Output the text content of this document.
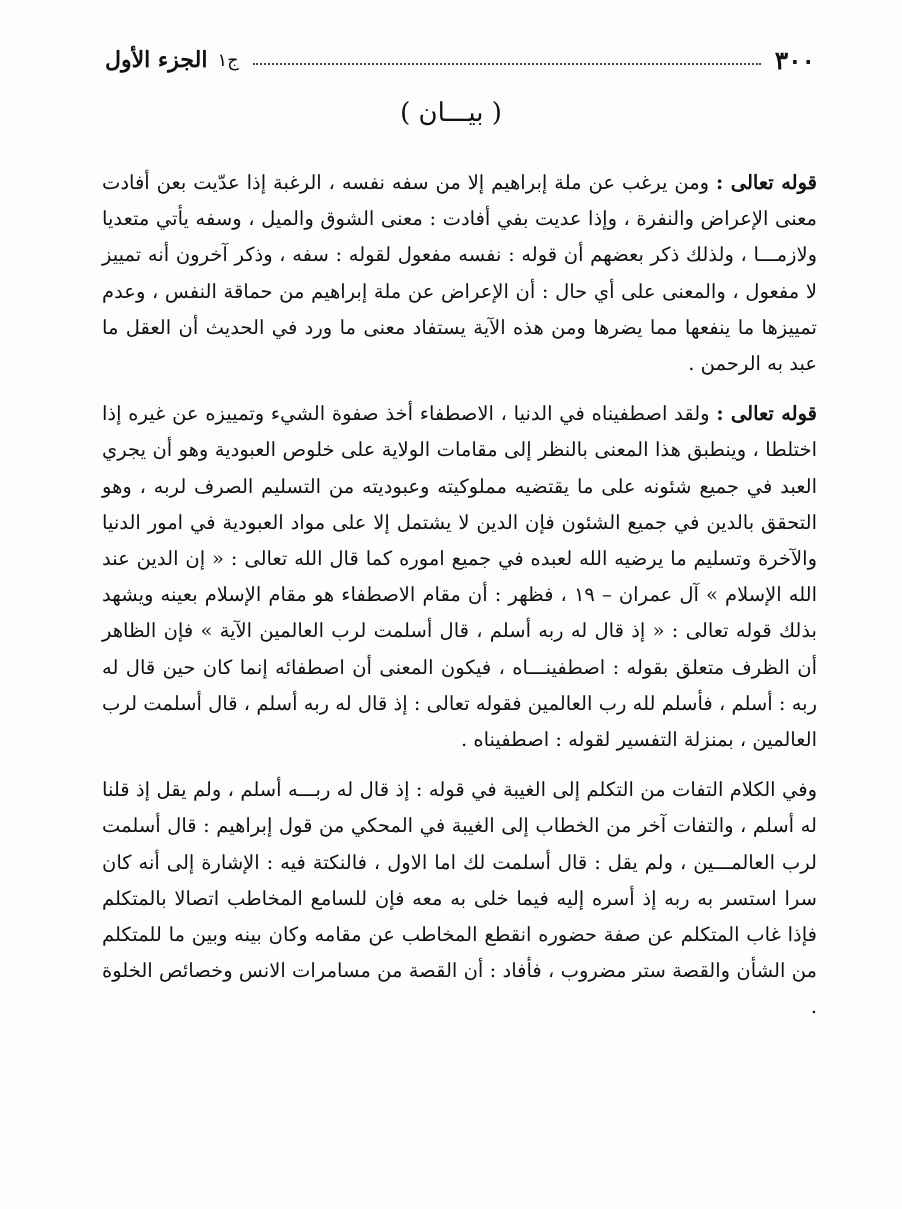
٣٠٠
ج١
الجزء الأول
( بيـــان )

قوله تعالى : ومن يرغب عن ملة إبراهيم إلا من سفه نفسه ، الرغبة إذا عدّيت بعن أفادت معنى الإعراض والنفرة ، وإذا عديت بفي أفادت : معنى الشوق والميل ، وسفه يأتي متعديا ولازمـــا ، ولذلك ذكر بعضهم أن قوله : نفسه مفعول لقوله : سفه ، وذكر آخرون أنه تمييز لا مفعول ، والمعنى على أي حال : أن الإعراض عن ملة إبراهيم من حماقة النفس ، وعدم تمييزها ما ينفعها مما يضرها ومن هذه الآية يستفاد معنى ما ورد في الحديث أن العقل ما عبد به الرحمن .

قوله تعالى : ولقد اصطفيناه في الدنيا ، الاصطفاء أخذ صفوة الشيء وتمييزه عن غيره إذا اختلطا ، وينطبق هذا المعنى بالنظر إلى مقامات الولاية على خلوص العبودية وهو أن يجري العبد في جميع شئونه على ما يقتضيه مملوكيته وعبوديته من التسليم الصرف لربه ، وهو التحقق بالدين في جميع الشئون فإن الدين لا يشتمل إلا على مواد العبودية في امور الدنيا والآخرة وتسليم ما يرضيه الله لعبده في جميع اموره كما قال الله تعالى : « إن الدين عند الله الإسلام » آل عمران – ١٩ ، فظهر : أن مقام الاصطفاء هو مقام الإسلام بعينه ويشهد بذلك قوله تعالى : « إذ قال له ربه أسلم ، قال أسلمت لرب العالمين الآية » فإن الظاهر أن الظرف متعلق بقوله : اصطفينـــاه ، فيكون المعنى أن اصطفائه إنما كان حين قال له ربه : أسلم ، فأسلم لله رب العالمين فقوله تعالى : إذ قال له ربه أسلم ، قال أسلمت لرب العالمين ، بمنزلة التفسير لقوله : اصطفيناه .

وفي الكلام التفات من التكلم إلى الغيبة في قوله : إذ قال له ربـــه أسلم ، ولم يقل إذ قلنا له أسلم ، والتفات آخر من الخطاب إلى الغيبة في المحكي من قول إبراهيم : قال أسلمت لرب العالمـــين ، ولم يقل : قال أسلمت لك اما الاول ، فالنكتة فيه : الإشارة إلى أنه كان سرا استسر به ربه إذ أسره إليه فيما خلى به معه فإن للسامع المخاطب اتصالا بالمتكلم فإذا غاب المتكلم عن صفة حضوره انقطع المخاطب عن مقامه وكان بينه وبين ما للمتكلم من الشأن والقصة ستر مضروب ، فأفاد : أن القصة من مسامرات الانس وخصائص الخلوة .
